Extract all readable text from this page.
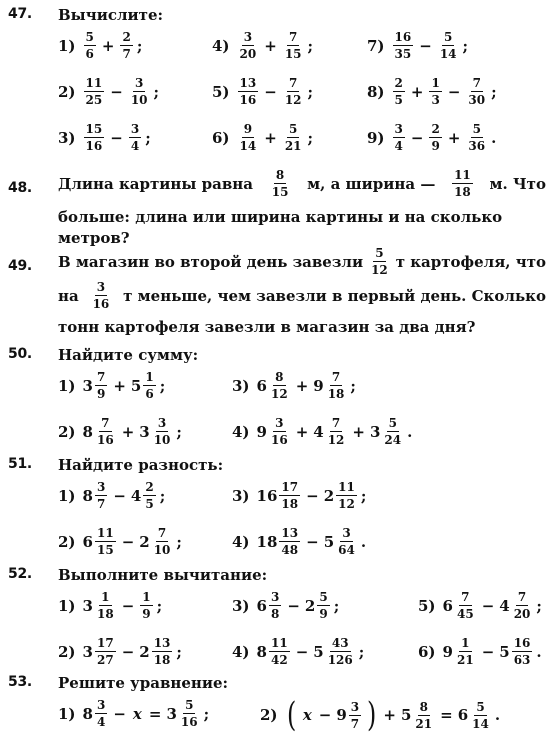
47. Вычислите:
$1) \frac{5}{6} + \frac{2}{7}$ ;	$4) \frac{3}{20} + \frac{7}{15}$ ;	$7) \frac{16}{35} - \frac{5}{14}$ ;
$2) \frac{11}{25} - \frac{3}{10}$ ;	$5) \frac{13}{16} - \frac{7}{12}$ ;	$8) \frac{2}{5} + \frac{1}{3} - \frac{7}{30}$ ;
$3) \frac{15}{16} - \frac{3}{4}$ ;	$6) \frac{9}{14} + \frac{5}{21}$ ;	$9) \frac{3}{4} - \frac{2}{9} + \frac{5}{36}$ .
48. Длина картины равна $\frac{8}{15} м$, а ширина — $\frac{11}{18} м$. Что
больше: длина или ширина картины и на сколько
метров?
49. В магазин во второй день завезли $\frac{5}{12}$ т картофеля, что
на $\frac{3}{16}$ т меньше, чем завезли в первый день. Сколько
тонн картофеля завезли в магазин за два дня?
50. Найдите сумму:
1) $3 \frac{7}{9} + 5 \frac{1}{6}$ ;	3) $6 \frac{8}{12} + 9 \frac{7}{18}$ ;
2) $8 \frac{7}{16} + 3 \frac{3}{10}$ ;	4) $9 \frac{3}{16} + 4 \frac{7}{12} + 3 \frac{5}{24}$ .
51. Найдите разность:
1) $8 \frac{3}{7} - 4 \frac{2}{5}$ ;	3) $16 \frac{17}{18} - 2 \frac{11}{12}$ ;
2) $6 \frac{11}{15} - 2 \frac{7}{10}$ ;	4) $18 \frac{13}{48} - 5 \frac{3}{64}$ .
52. Выполните вычитание:
1) $3 \frac{1}{18} - \frac{1}{9}$ ;	3) $6 \frac{3}{8} - 2 \frac{5}{9}$ ;	5) $6 \frac{7}{45} - 4 \frac{7}{20}$ ;
2) $3 \frac{17}{27} - 2 \frac{13}{18}$ ;	4) $8 \frac{11}{42} - 5 \frac{43}{126}$ ;	6) $9 \frac{1}{21} - 5 \frac{16}{63}$ .
53. Решите уравнение:
1) $8 \frac{3}{4} - x = 3 \frac{5}{16}$ ;	2) ( $x - 9 \frac{3}{7}$ ) + $5 \frac{8}{21} = 6 \frac{5}{14}$ .
